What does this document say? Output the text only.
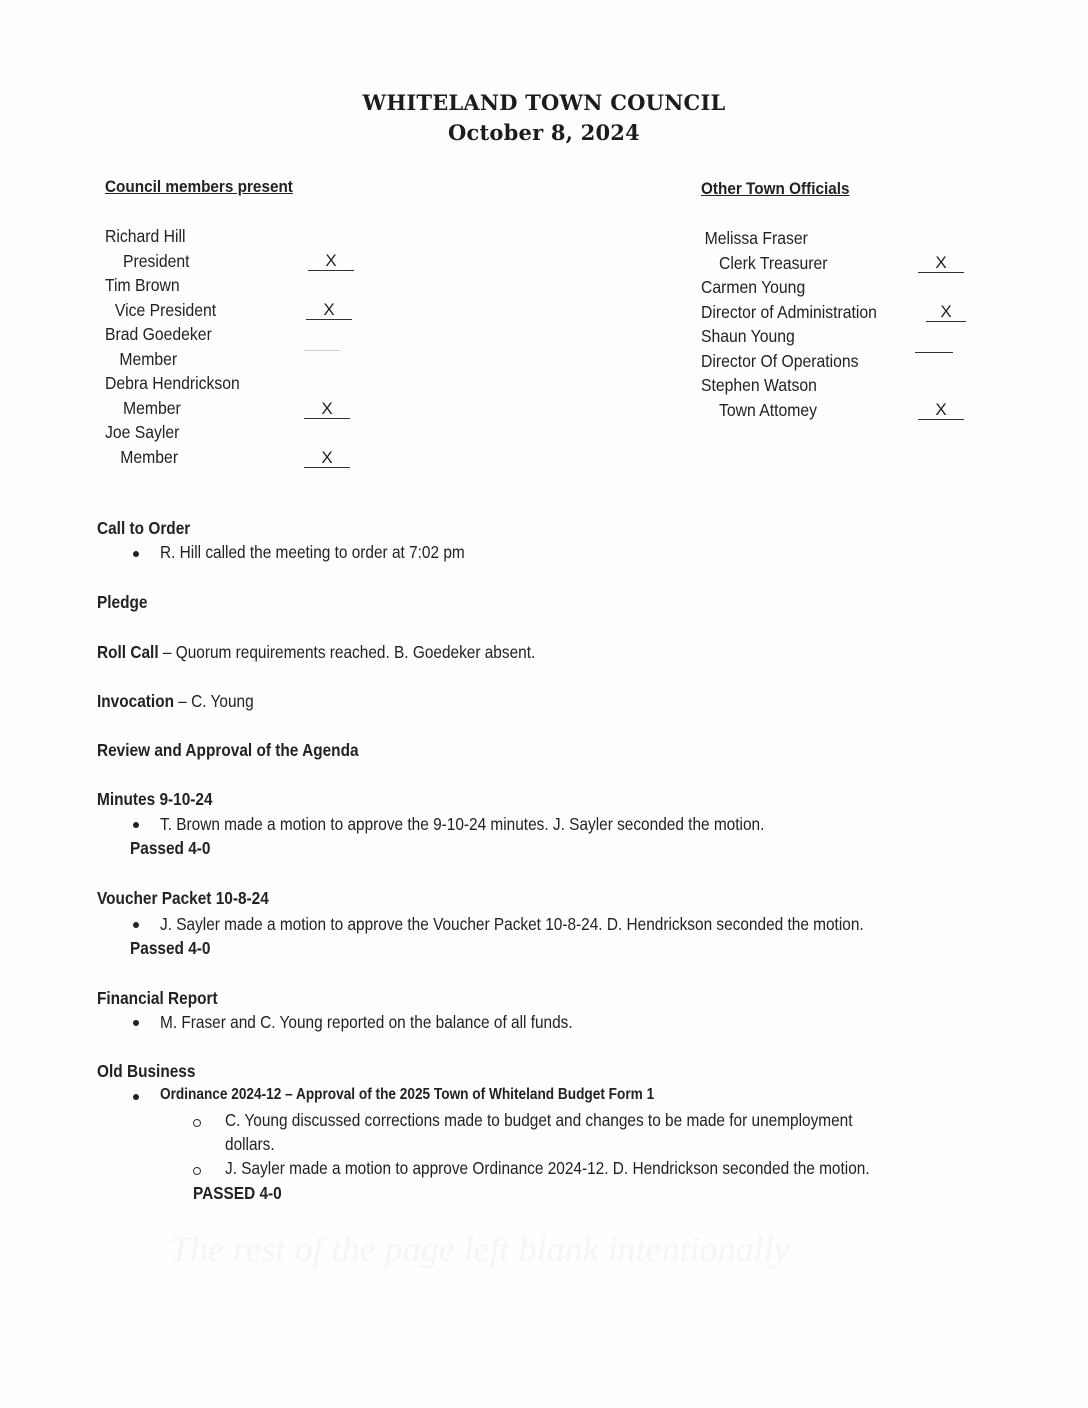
WHITELAND TOWN COUNCIL
October 8, 2024
Council members present
Richard Hill
President
Tim Brown
Vice President
Brad Goedeker
Member
Debra Hendrickson
Member
Joe Sayler
Member
X
X
X
X
Other Town Officials
Melissa Fraser
Clerk Treasurer
Carmen Young
Director of Administration
Shaun Young
Director Of Operations
Stephen Watson
Town Attomey
X
X
X
Call to Order
R. Hill called the meeting to order at 7:02 pm
Pledge
Roll Call – Quorum requirements reached. B. Goedeker absent.
Invocation – C. Young
Review and Approval of the Agenda
Minutes 9-10-24
T. Brown made a motion to approve the 9-10-24 minutes. J. Sayler seconded the motion.
Passed 4-0
Voucher Packet 10-8-24
J. Sayler made a motion to approve the Voucher Packet 10-8-24. D. Hendrickson seconded the motion.
Passed 4-0
Financial Report
M. Fraser and C. Young reported on the balance of all funds.
Old Business
Ordinance 2024-12 – Approval of the 2025 Town of Whiteland Budget Form 1
C. Young discussed corrections made to budget and changes to be made for unemployment
dollars.
J. Sayler made a motion to approve Ordinance 2024-12. D. Hendrickson seconded the motion.
PASSED 4-0
The rest of the page left blank intentionally
